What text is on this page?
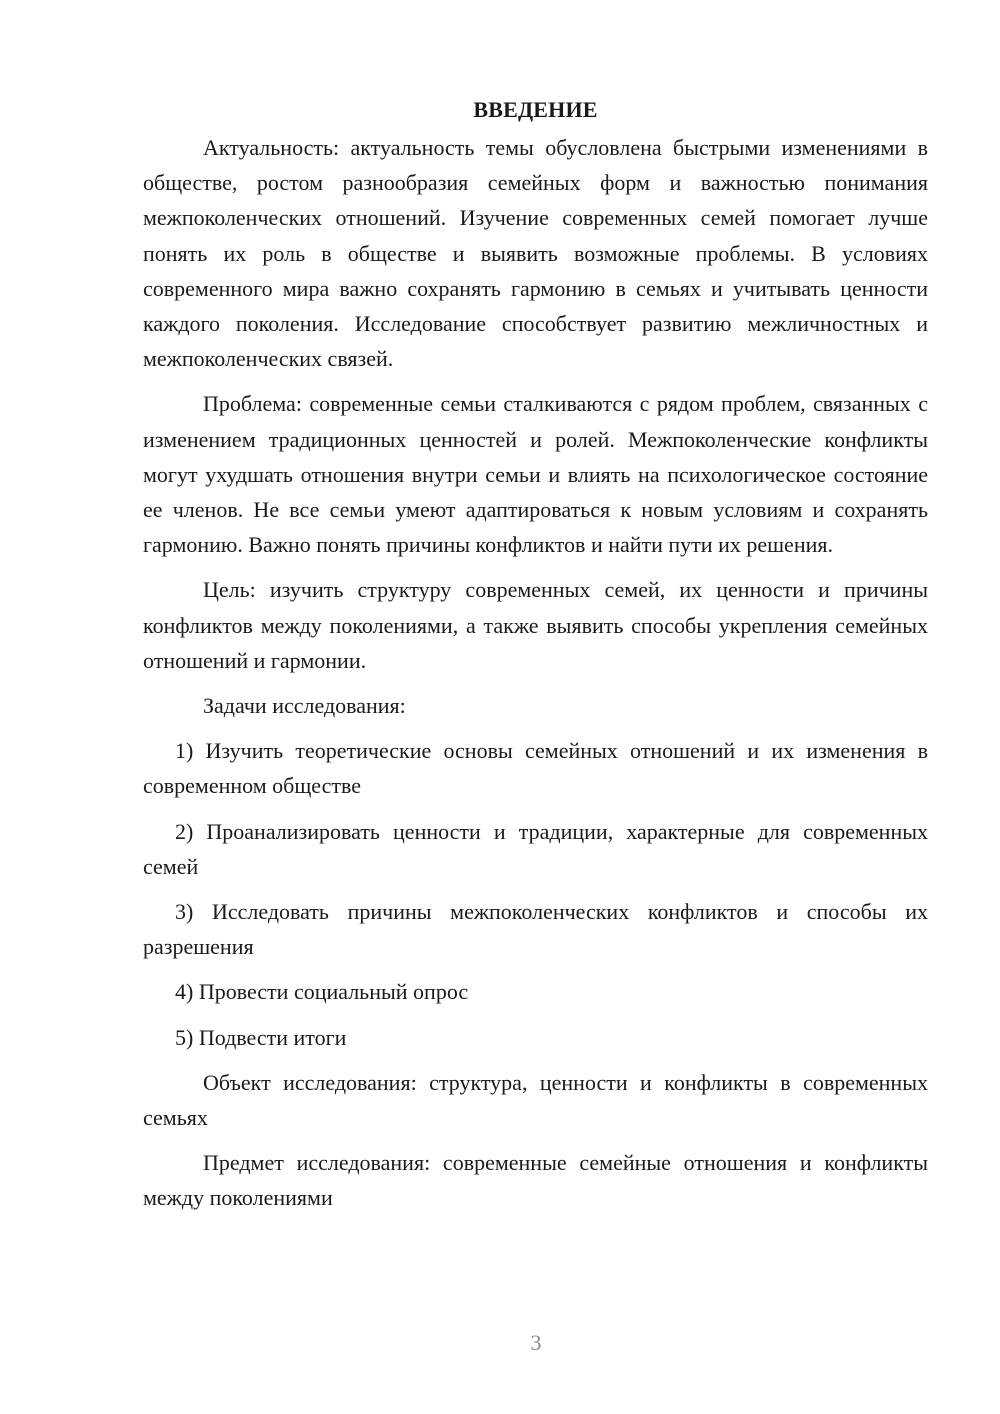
ВВЕДЕНИЕ

Актуальность: актуальность темы обусловлена быстрыми изменениями в обществе, ростом разнообразия семейных форм и важностью понимания межпоколенческих отношений. Изучение современных семей помогает лучше понять их роль в обществе и выявить возможные проблемы. В условиях современного мира важно сохранять гармонию в семьях и учитывать ценности каждого поколения. Исследование способствует развитию межличностных и межпоколенческих связей.

Проблема: современные семьи сталкиваются с рядом проблем, связанных с изменением традиционных ценностей и ролей. Межпоколенческие конфликты могут ухудшать отношения внутри семьи и влиять на психологическое состояние ее членов. Не все семьи умеют адаптироваться к новым условиям и сохранять гармонию. Важно понять причины конфликтов и найти пути их решения.

Цель: изучить структуру современных семей, их ценности и причины конфликтов между поколениями, а также выявить способы укрепления семейных отношений и гармонии.

Задачи исследования:

1) Изучить теоретические основы семейных отношений и их изменения в современном обществе

2) Проанализировать ценности и традиции, характерные для современных семей

3) Исследовать причины межпоколенческих конфликтов и способы их разрешения

4) Провести социальный опрос

5) Подвести итоги

Объект исследования: структура, ценности и конфликты в современных семьях

Предмет исследования: современные семейные отношения и конфликты между поколениями

3
